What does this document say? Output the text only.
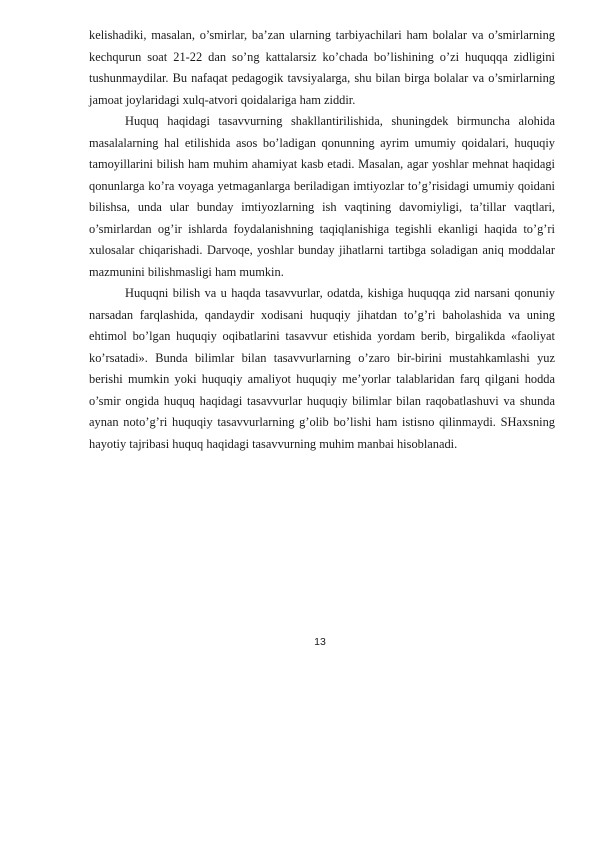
kelishadiki, masalan, o’smirlar, ba’zan ularning tarbiyachilari ham bolalar va o’smirlarning kechqurun soat 21-22 dan so’ng kattalarsiz ko’chada bo’lishining o’zi huquqqa zidligini tushunmaydilar. Bu nafaqat pedagogik tavsiyalarga, shu bilan birga bolalar va o’smirlarning jamoat joylaridagi xulq-atvori qoidalariga ham ziddir.

Huquq haqidagi tasavvurning shakllantirilishida, shuningdek birmuncha alohida masalalarning hal etilishida asos bo’ladigan qonunning ayrim umumiy qoidalari, huquqiy tamoyillarini bilish ham muhim ahamiyat kasb etadi. Masalan, agar yoshlar mehnat haqidagi qonunlarga ko’ra voyaga yetmaganlarga beriladigan imtiyozlar to’g’risidagi umumiy qoidani bilishsa, unda ular bunday imtiyozlarning ish vaqtining davomiyligi, ta’tillar vaqtlari, o’smirlardan og’ir ishlarda foydalanishning taqiqlanishiga tegishli ekanligi haqida to’g’ri xulosalar chiqarishadi. Darvoqe, yoshlar bunday jihatlarni tartibga soladigan aniq moddalar mazmunini bilishmasligi ham mumkin.

Huquqni bilish va u haqda tasavvurlar, odatda, kishiga huquqqa zid narsani qonuniy narsadan farqlashida, qandaydir xodisani huquqiy jihatdan to’g’ri baholashida va uning ehtimol bo’lgan huquqiy oqibatlarini tasavvur etishida yordam berib, birgalikda «faoliyat ko’rsatadi». Bunda bilimlar bilan tasavvurlarning o’zaro bir-birini mustahkamlashi yuz berishi mumkin yoki huquqiy amaliyot huquqiy me’yorlar talablaridan farq qilgani hodda o’smir ongida huquq haqidagi tasavvurlar huquqiy bilimlar bilan raqobatlashuvi va shunda aynan noto’g’ri huquqiy tasavvurlarning g’olib bo’lishi ham istisno qilinmaydi. SHaxsning hayotiy tajribasi huquq haqidagi tasavvurning muhim manbai hisoblanadi.

13
